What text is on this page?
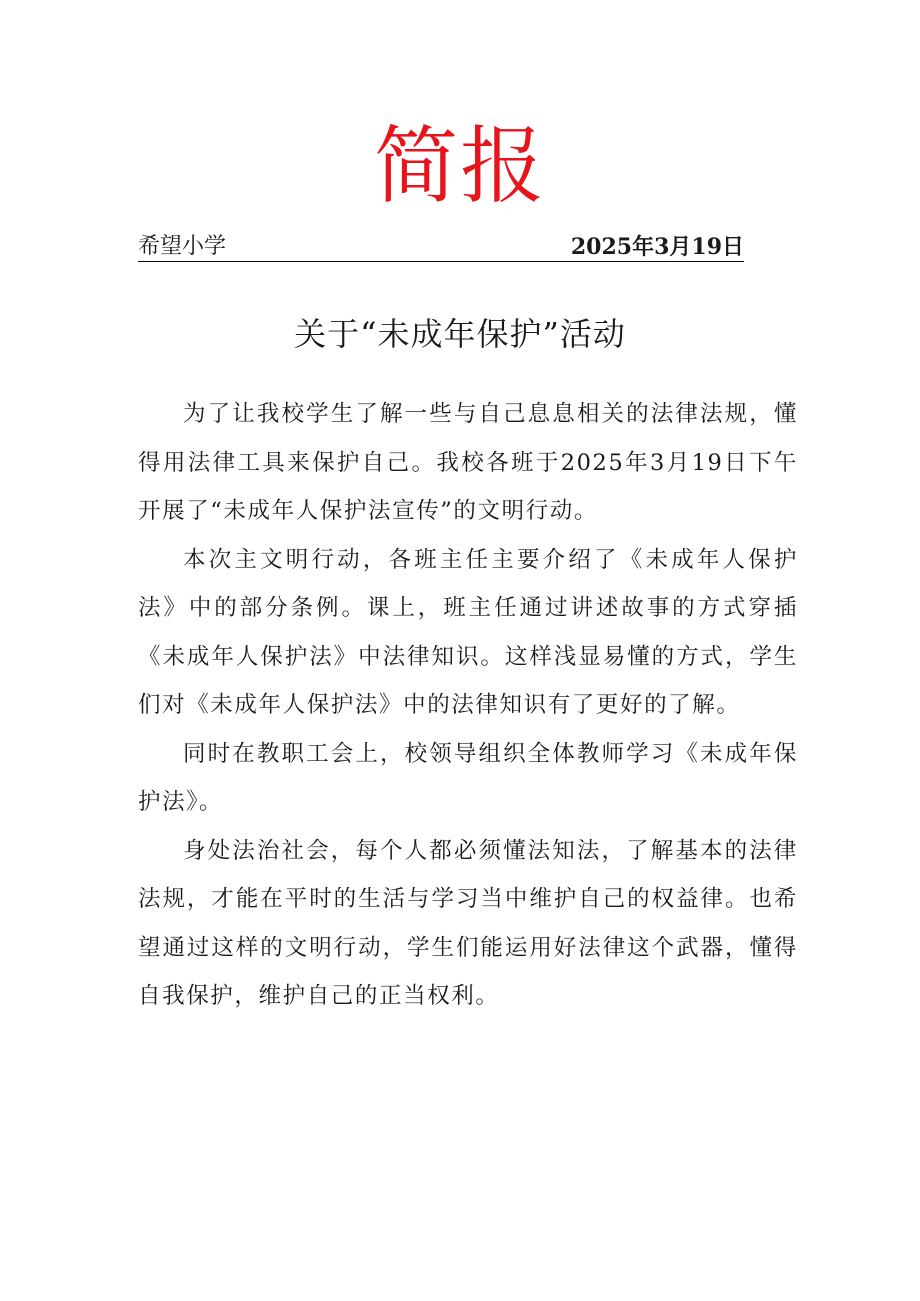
简报
希望小学	2025年3月19日
关于“未成年保护”活动

为了让我校学生了解一些与自己息息相关的法律法规，懂得用法律工具来保护自己。我校各班于2025年3月19日下午开展了“未成年人保护法宣传”的文明行动。

本次主文明行动，各班主任主要介绍了《未成年人保护法》中的部分条例。课上，班主任通过讲述故事的方式穿插《未成年人保护法》中法律知识。这样浅显易懂的方式，学生们对《未成年人保护法》中的法律知识有了更好的了解。

同时在教职工会上，校领导组织全体教师学习《未成年保护法》。

身处法治社会，每个人都必须懂法知法，了解基本的法律法规，才能在平时的生活与学习当中维护自己的权益律。也希望通过这样的文明行动，学生们能运用好法律这个武器，懂得自我保护，维护自己的正当权利。
